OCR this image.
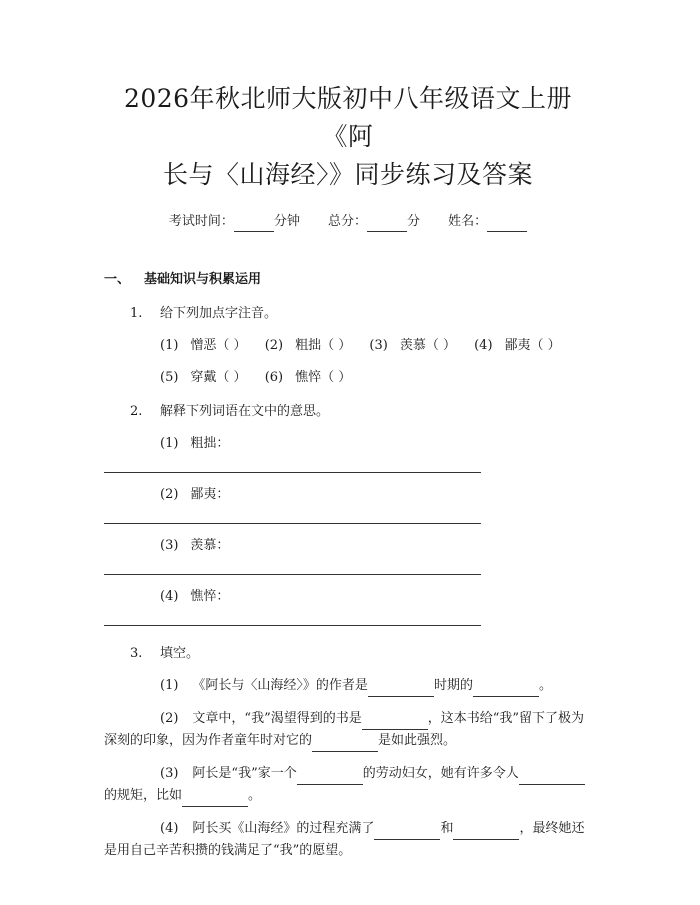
2026年秋北师大版初中八年级语文上册《阿
长与〈山海经〉》同步练习及答案
考试时间：	分钟 总分：	分 姓名：
一、 基础知识与积累运用
1. 给下列加点字注音。
(1) 憎恶（ ） (2) 粗拙（ ） (3) 羡慕（ ） (4) 鄙夷（ ）
(5) 穿戴（ ） (6) 憔悴（ ）
2. 解释下列词语在文中的意思。
(1) 粗拙：
(2) 鄙夷：
(3) 羡慕：
(4) 憔悴：
3. 填空。
(1) 《阿长与〈山海经〉》的作者是	时期的	。
(2) 文章中，“我”渴望得到的书是	，这本书给“我”留下了极为深刻的印象，因为作者童年时对它的	是如此强烈。
(3) 阿长是“我”家一个	的劳动妇女，她有许多令人的规矩，比如	。
(4) 阿长买《山海经》的过程充满了	和	，最终她还是用自己辛苦积攒的钱满足了“我”的愿望。
